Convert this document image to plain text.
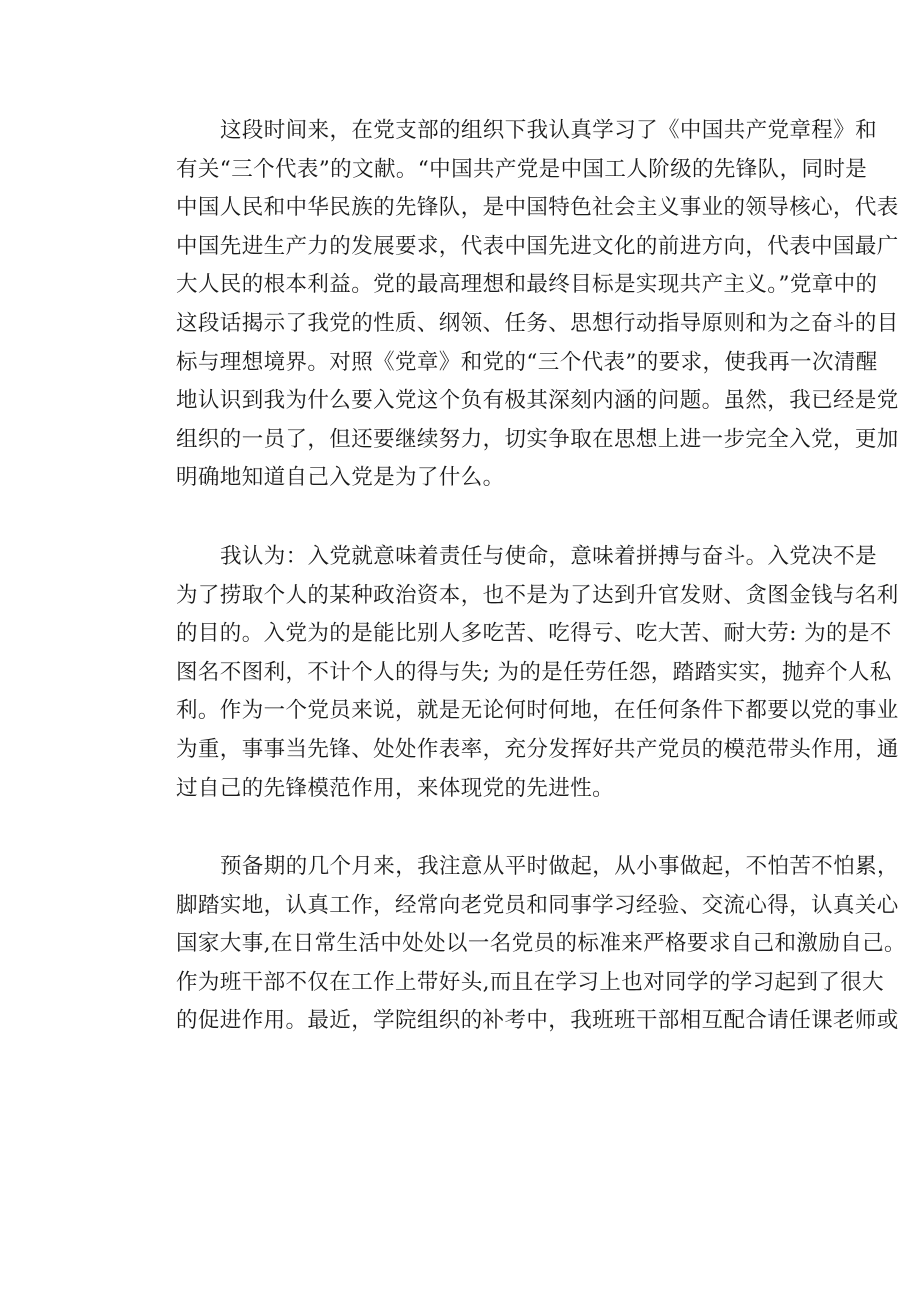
这段时间来，在党支部的组织下我认真学习了《中国共产党章程》和
有关“三个代表”的文献。“中国共产党是中国工人阶级的先锋队，同时是
中国人民和中华民族的先锋队，是中国特色社会主义事业的领导核心，代表
中国先进生产力的发展要求，代表中国先进文化的前进方向，代表中国最广
大人民的根本利益。党的最高理想和最终目标是实现共产主义。”党章中的
这段话揭示了我党的性质、纲领、任务、思想行动指导原则和为之奋斗的目
标与理想境界。对照《党章》和党的“三个代表”的要求，使我再一次清醒
地认识到我为什么要入党这个负有极其深刻内涵的问题。虽然，我已经是党
组织的一员了，但还要继续努力，切实争取在思想上进一步完全入党，更加
明确地知道自己入党是为了什么。
我认为：入党就意味着责任与使命，意味着拼搏与奋斗。入党决不是
为了捞取个人的某种政治资本，也不是为了达到升官发财、贪图金钱与名利
的目的。入党为的是能比别人多吃苦、吃得亏、吃大苦、耐大劳: 为的是不
图名不图利，不计个人的得与失; 为的是任劳任怨，踏踏实实，抛弃个人私
利。作为一个党员来说，就是无论何时何地，在任何条件下都要以党的事业
为重，事事当先锋、处处作表率，充分发挥好共产党员的模范带头作用，通
过自己的先锋模范作用，来体现党的先进性。
预备期的几个月来，我注意从平时做起，从小事做起，不怕苦不怕累，
脚踏实地，认真工作，经常向老党员和同事学习经验、交流心得，认真关心
国家大事,在日常生活中处处以一名党员的标准来严格要求自己和激励自己。
作为班干部不仅在工作上带好头,而且在学习上也对同学的学习起到了很大
的促进作用。最近，学院组织的补考中，我班班干部相互配合请任课老师或
